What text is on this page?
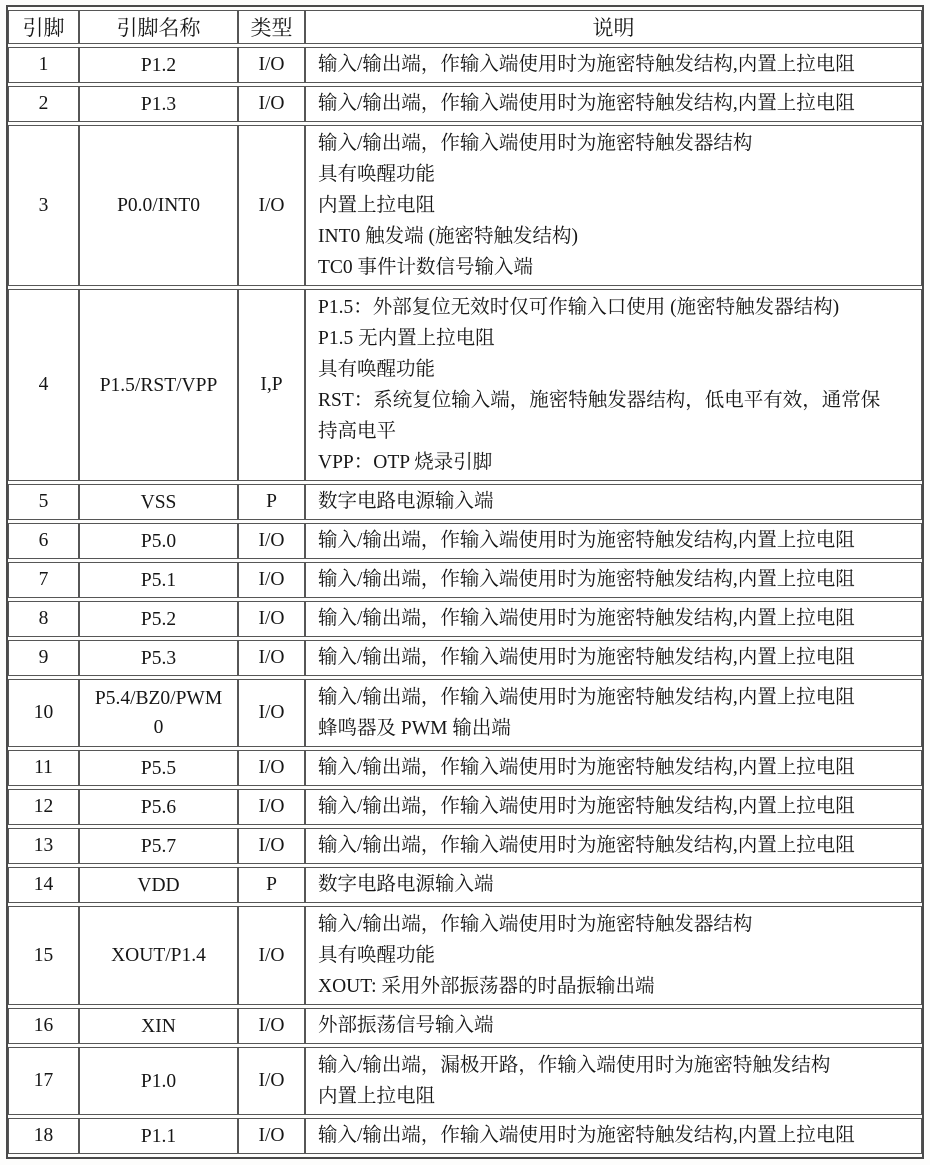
引脚	引脚名称	类型	说明
1	P1.2	I/O	输入/输出端，作输入端使用时为施密特触发结构,内置上拉电阻

2	P1.3	I/O	输入/输出端，作输入端使用时为施密特触发结构,内置上拉电阻

3	P0.0/INT0	I/O	输入/输出端，作输入端使用时为施密特触发器结构
具有唤醒功能
内置上拉电阻
INT0 触发端 (施密特触发结构)
TC0 事件计数信号输入端

4	P1.5/RST/VPP	I,P	P1.5：外部复位无效时仅可作输入口使用 (施密特触发器结构)
P1.5 无内置上拉电阻
具有唤醒功能
RST：系统复位输入端，施密特触发器结构，低电平有效，通常保持高电平
VPP：OTP 烧录引脚

5	VSS	P	数字电路电源输入端

6	P5.0	I/O	输入/输出端，作输入端使用时为施密特触发结构,内置上拉电阻

7	P5.1	I/O	输入/输出端，作输入端使用时为施密特触发结构,内置上拉电阻

8	P5.2	I/O	输入/输出端，作输入端使用时为施密特触发结构,内置上拉电阻

9	P5.3	I/O	输入/输出端，作输入端使用时为施密特触发结构,内置上拉电阻

10	P5.4/BZ0/PWM0	I/O	输入/输出端，作输入端使用时为施密特触发结构,内置上拉电阻
蜂鸣器及 PWM 输出端

11	P5.5	I/O	输入/输出端，作输入端使用时为施密特触发结构,内置上拉电阻

12	P5.6	I/O	输入/输出端，作输入端使用时为施密特触发结构,内置上拉电阻

13	P5.7	I/O	输入/输出端，作输入端使用时为施密特触发结构,内置上拉电阻

14	VDD	P	数字电路电源输入端

15	XOUT/P1.4	I/O	输入/输出端，作输入端使用时为施密特触发器结构
具有唤醒功能
XOUT: 采用外部振荡器的时晶振输出端

16	XIN	I/O	外部振荡信号输入端

17	P1.0	I/O	输入/输出端，漏极开路，作输入端使用时为施密特触发结构
内置上拉电阻

18	P1.1	I/O	输入/输出端，作输入端使用时为施密特触发结构,内置上拉电阻
